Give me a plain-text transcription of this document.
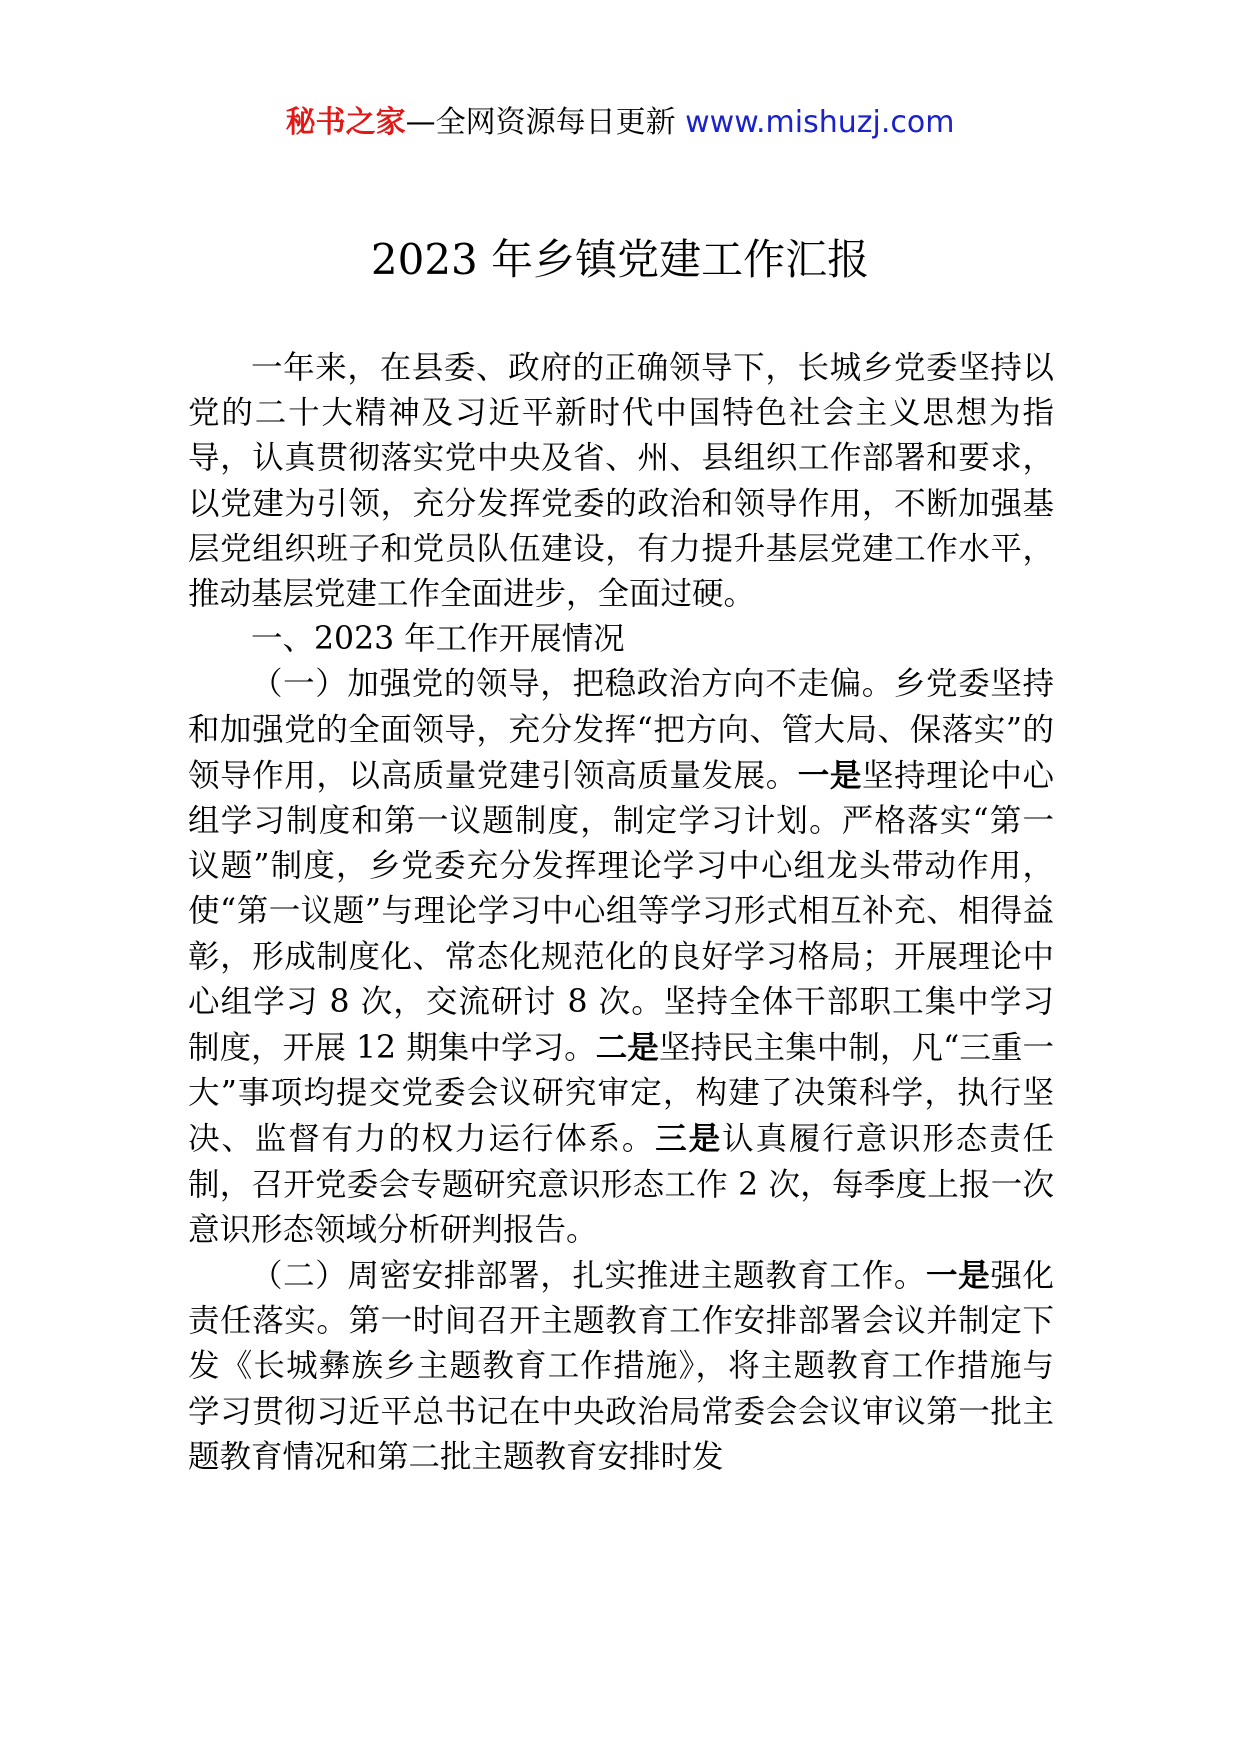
秘书之家—全网资源每日更新 www.mishuzj.com
2023 年乡镇党建工作汇报

一年来，在县委、政府的正确领导下，长城乡党委坚持以党的二十大精神及习近平新时代中国特色社会主义思想为指导，认真贯彻落实党中央及省、州、县组织工作部署和要求，以党建为引领，充分发挥党委的政治和领导作用，不断加强基层党组织班子和党员队伍建设，有力提升基层党建工作水平，推动基层党建工作全面进步，全面过硬。

一、2023 年工作开展情况

（一）加强党的领导，把稳政治方向不走偏。乡党委坚持和加强党的全面领导，充分发挥“把方向、管大局、保落实”的领导作用，以高质量党建引领高质量发展。一是坚持理论中心组学习制度和第一议题制度，制定学习计划。严格落实“第一议题”制度，乡党委充分发挥理论学习中心组龙头带动作用，使“第一议题”与理论学习中心组等学习形式相互补充、相得益彰，形成制度化、常态化规范化的良好学习格局；开展理论中心组学习 8 次，交流研讨 8 次。坚持全体干部职工集中学习制度，开展 12 期集中学习。二是坚持民主集中制，凡“三重一大”事项均提交党委会议研究审定，构建了决策科学，执行坚决、监督有力的权力运行体系。三是认真履行意识形态责任制，召开党委会专题研究意识形态工作 2 次，每季度上报一次意识形态领域分析研判报告。

（二）周密安排部署，扎实推进主题教育工作。一是强化责任落实。第一时间召开主题教育工作安排部署会议并制定下发《长城彝族乡主题教育工作措施》，将主题教育工作措施与学习贯彻习近平总书记在中央政治局常委会会议审议第一批主题教育情况和第二批主题教育安排时发
